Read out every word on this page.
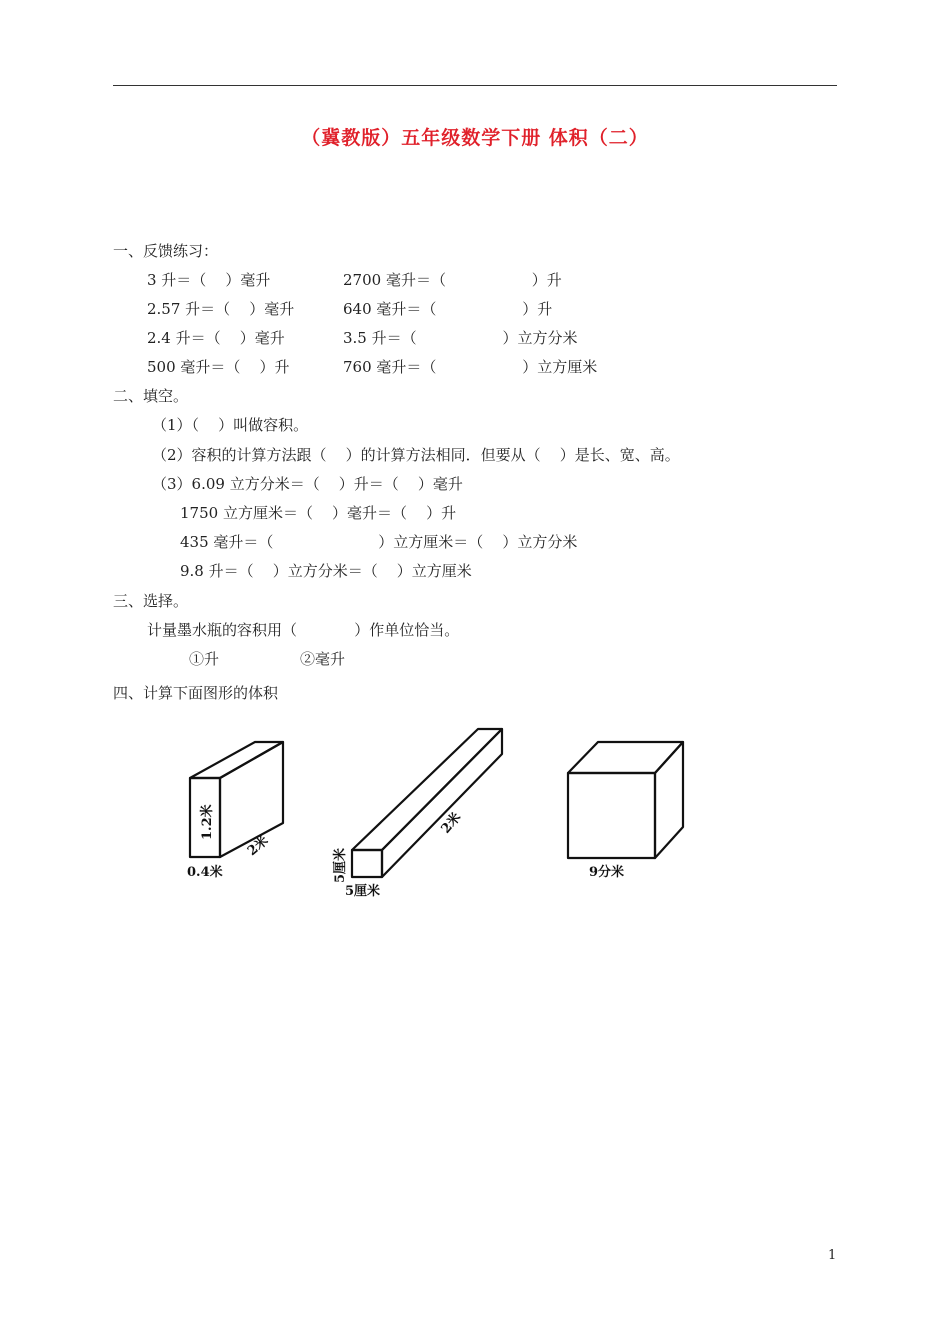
（冀教版）五年级数学下册 体积（二）
一、反馈练习：
3 升＝（    ）毫升	2700 毫升＝（                  ）升
2.57 升＝（    ）毫升	640 毫升＝（                  ）升
2.4 升＝（    ）毫升	3.5 升＝（                  ）立方分米
500 毫升＝（    ）升	760 毫升＝（                  ）立方厘米
二、填空。
（1）（    ）叫做容积。
（2）容积的计算方法跟（    ）的计算方法相同．但要从（    ）是长、宽、高。
（3）6.09 立方分米＝（    ）升＝（    ）毫升
1750 立方厘米＝（    ）毫升＝（    ）升
435 毫升＝（                      ）立方厘米＝（    ）立方分米
9.8 升＝（    ）立方分米＝（    ）立方厘米
三、选择。
计量墨水瓶的容积用（            ）作单位恰当。
①升	②毫升
四、计算下面图形的体积
1.2米
2米
0.4米	5厘米
5厘米
2米
9分米
1
